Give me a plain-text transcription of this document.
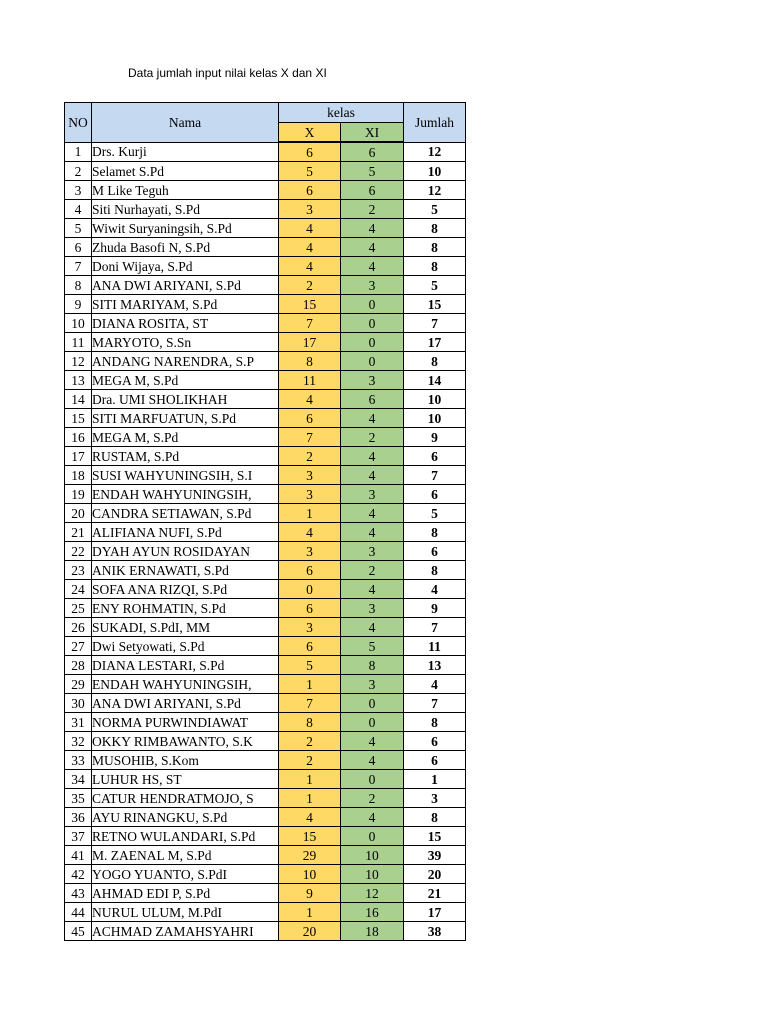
Data jumlah input nilai kelas X dan XI
NO	Nama	kelas		Jumlah
		X	XI	
1	Drs. Kurji	6	6	12
2	Selamet S.Pd	5	5	10
3	M Like Teguh	6	6	12
4	Siti Nurhayati, S.Pd	3	2	5
5	Wiwit Suryaningsih, S.Pd	4	4	8
6	Zhuda Basofi N, S.Pd	4	4	8
7	Doni Wijaya, S.Pd	4	4	8
8	ANA DWI ARIYANI, S.Pd	2	3	5
9	SITI MARIYAM, S.Pd	15	0	15
10	DIANA ROSITA, ST	7	0	7
11	MARYOTO, S.Sn	17	0	17
12	ANDANG NARENDRA, S.P	8	0	8
13	MEGA M, S.Pd	11	3	14
14	Dra. UMI SHOLIKHAH	4	6	10
15	SITI MARFUATUN, S.Pd	6	4	10
16	MEGA M, S.Pd	7	2	9
17	RUSTAM, S.Pd	2	4	6
18	SUSI WAHYUNINGSIH, S.I	3	4	7
19	ENDAH WAHYUNINGSIH,	3	3	6
20	CANDRA SETIAWAN, S.Pd	1	4	5
21	ALIFIANA NUFI, S.Pd	4	4	8
22	DYAH AYUN ROSIDAYAN	3	3	6
23	ANIK ERNAWATI, S.Pd	6	2	8
24	SOFA ANA RIZQI, S.Pd	0	4	4
25	ENY ROHMATIN, S.Pd	6	3	9
26	SUKADI, S.PdI, MM	3	4	7
27	Dwi Setyowati, S.Pd	6	5	11
28	DIANA LESTARI, S.Pd	5	8	13
29	ENDAH WAHYUNINGSIH,	1	3	4
30	ANA DWI ARIYANI, S.Pd	7	0	7
31	NORMA PURWINDIAWAT	8	0	8
32	OKKY RIMBAWANTO, S.K	2	4	6
33	MUSOHIB, S.Kom	2	4	6
34	LUHUR HS, ST	1	0	1
35	CATUR HENDRATMOJO, S	1	2	3
36	AYU RINANGKU, S.Pd	4	4	8
37	RETNO WULANDARI, S.Pd	15	0	15
41	M. ZAENAL M, S.Pd	29	10	39
42	YOGO YUANTO, S.PdI	10	10	20
43	AHMAD EDI P, S.Pd	9	12	21
44	NURUL ULUM, M.PdI	1	16	17
45	ACHMAD ZAMAHSYAHRI	20	18	38
